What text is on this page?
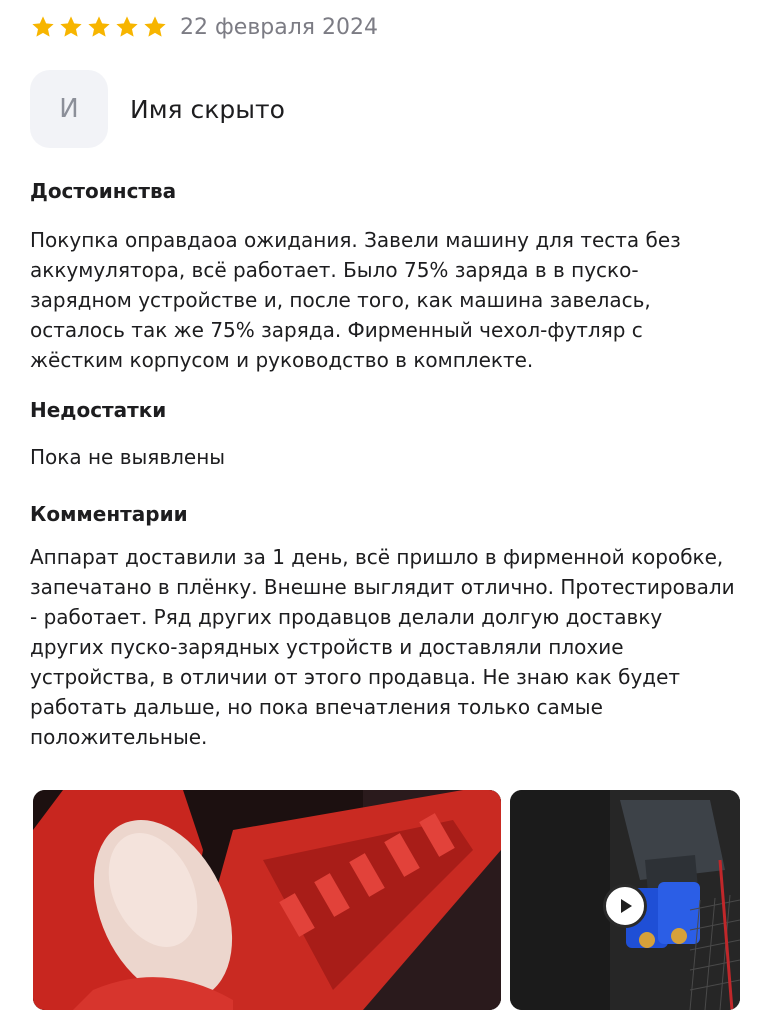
22 февраля 2024
И Имя скрыто
Достоинства

Покупка оправдаоа ожидания. Завели машину для теста без аккумулятора, всё работает. Было 75% заряда в в пуско-зарядном устройстве и, после того, как машина завелась, осталось так же 75% заряда. Фирменный чехол-футляр с жёстким корпусом и руководство в комплекте.

Недостатки

Пока не выявлены

Комментарии

Аппарат доставили за 1 день, всё пришло в фирменной коробке, запечатано в плёнку. Внешне выглядит отлично. Протестировали - работает. Ряд других продавцов делали долгую доставку других пуско-зарядных устройств и доставляли плохие устройства, в отличии от этого продавца. Не знаю как будет работать дальше, но пока впечатления только самые положительные.
